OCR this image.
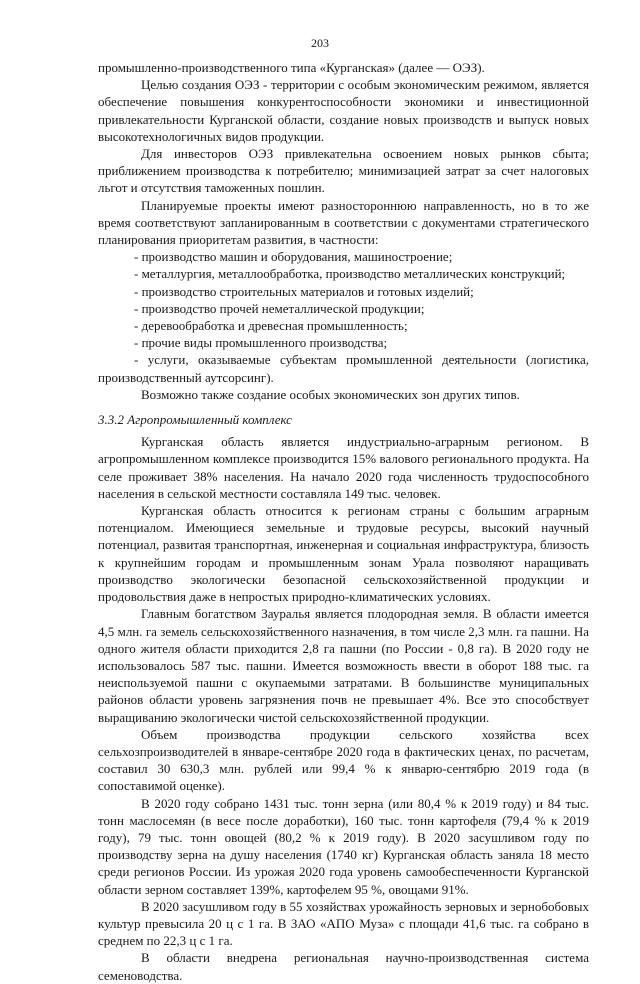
203

промышленно-производственного типа «Курганская» (далее — ОЭЗ).

Целью создания ОЭЗ - территории с особым экономическим режимом, является обеспечение повышения конкурентоспособности экономики и инвестиционной привлекательности Курганской области, создание новых производств и выпуск новых высокотехнологичных видов продукции.

Для инвесторов ОЭЗ привлекательна освоением новых рынков сбыта; приближением производства к потребителю; минимизацией затрат за счет налоговых льгот и отсутствия таможенных пошлин.

Планируемые проекты имеют разностороннюю направленность, но в то же время соответствуют запланированным в соответствии с документами стратегического планирования приоритетам развития, в частности:

- производство машин и оборудования, машиностроение;

- металлургия, металлообработка, производство металлических конструкций;

- производство строительных материалов и готовых изделий;

- производство прочей неметаллической продукции;

- деревообработка и древесная промышленность;

- прочие виды промышленного производства;

- услуги, оказываемые субъектам промышленной деятельности (логистика, производственный аутсорсинг).

Возможно также создание особых экономических зон других типов.

3.3.2 Агропромышленный комплекс

Курганская область является индустриально-аграрным регионом. В агропромышленном комплексе производится 15% валового регионального продукта. На селе проживает 38% населения. На начало 2020 года численность трудоспособного населения в сельской местности составляла 149 тыс. человек.

Курганская область относится к регионам страны с большим аграрным потенциалом. Имеющиеся земельные и трудовые ресурсы, высокий научный потенциал, развитая транспортная, инженерная и социальная инфраструктура, близость к крупнейшим городам и промышленным зонам Урала позволяют наращивать производство экологически безопасной сельскохозяйственной продукции и продовольствия даже в непростых природно-климатических условиях.

Главным богатством Зауралья является плодородная земля. В области имеется 4,5 млн. га земель сельскохозяйственного назначения, в том числе 2,3 млн. га пашни. На одного жителя области приходится 2,8 га пашни (по России - 0,8 га). В 2020 году не использовалось 587 тыс. пашни. Имеется возможность ввести в оборот 188 тыс. га неиспользуемой пашни с окупаемыми затратами. В большинстве муниципальных районов области уровень загрязнения почв не превышает 4%. Все это способствует выращиванию экологически чистой сельскохозяйственной продукции.

Объем производства продукции сельского хозяйства всех сельхозпроизводителей в январе-сентябре 2020 года в фактических ценах, по расчетам, составил 30 630,3 млн. рублей или 99,4 % к январю-сентябрю 2019 года (в сопоставимой оценке).

В 2020 году собрано 1431 тыс. тонн зерна (или 80,4 % к 2019 году) и 84 тыс. тонн маслосемян (в весе после доработки), 160 тыс. тонн картофеля (79,4 % к 2019 году), 79 тыс. тонн овощей (80,2 % к 2019 году). В 2020 засушливом году по производству зерна на душу населения (1740 кг) Курганская область заняла 18 место среди регионов России. Из урожая 2020 года уровень самообеспеченности Курганской области зерном составляет 139%, картофелем 95 %, овощами 91%.

В 2020 засушливом году в 55 хозяйствах урожайность зерновых и зернобобовых культур превысила 20 ц с 1 га. В ЗАО «АПО Муза» с площади 41,6 тыс. га собрано в среднем по 22,3 ц с 1 га.

В области внедрена региональная научно-производственная система семеноводства.
